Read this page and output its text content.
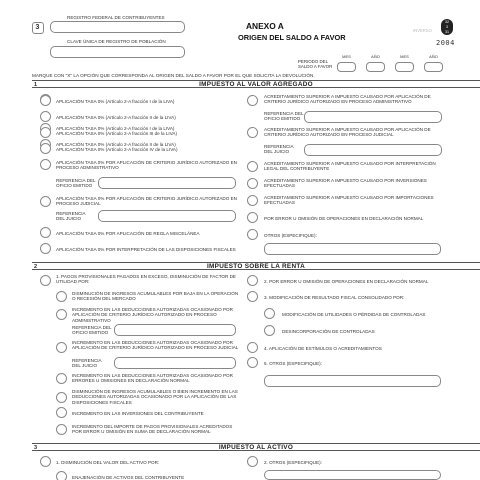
3
REGISTRO FEDERAL DE CONTRIBUYENTES
CLAVE ÚNICA DE REGISTRO DE POBLACIÓN
ANEXO A
ORIGEN DEL SALDO A FAVOR
INVERSO
32
3
31
2004
PERIODO DEL
SALDO A FAVOR
MES	AÑO	MES	AÑO
MARQUE CON "X" LA OPCIÓN QUE CORRESPONDA AL ORIGEN DEL SALDO A FAVOR POR EL QUE SOLICITA LA DEVOLUCIÓN.
1	IMPUESTO AL VALOR AGREGADO
APLICACIÓN TASA 0% (Artículo 2-A fracción I de la LIVA)
APLICACIÓN TASA 0% (Artículo 2-A fracción II de la LIVA)
APLICACIÓN TASA 0% (Artículo 2-A fracción I de la LIVA)
APLICACIÓN TASA 0% (Artículo 2-A fracción II de la LIVA)
APLICACIÓN TASA 0% (Artículo 2-A fracción III de la LIVA)
APLICACIÓN TASA 0% (Artículo 2-A fracción IV de la LIVA)
APLICACIÓN TASA 0% POR APLICACIÓN DE CRITERIO JURÍDICO AUTORIZADO EN PROCESO ADMINISTRATIVO
REFERENCIA DEL
OFICIO EMITIDO
APLICACIÓN TASA 0% POR APLICACIÓN DE CRITERIO JURÍDICO AUTORIZADO EN PROCESO JUDICIAL
REFERENCIA
DEL JUICIO
APLICACIÓN TASA 0% POR APLICACIÓN DE REGLA MISCELÁNEA
APLICACIÓN TASA 0% POR INTERPRETACIÓN DE LAS DISPOSICIONES FISCALES
ACREDITAMIENTO SUPERIOR A IMPUESTO CAUSADO POR APLICACIÓN DE CRITERIO JURÍDICO AUTORIZADO EN PROCESO ADMINISTRATIVO
REFERENCIA DEL
OFICIO EMITIDO
ACREDITAMIENTO SUPERIOR A IMPUESTO CAUSADO POR APLICACIÓN DE CRITERIO JURÍDICO AUTORIZADO EN PROCESO JUDICIAL
REFERENCIA
DEL JUICIO
ACREDITAMIENTO SUPERIOR A IMPUESTO CAUSADO POR INTERPRETACIÓN LEGAL DEL CONTRIBUYENTE
ACREDITAMIENTO SUPERIOR A IMPUESTO CAUSADO POR INVERSIONES EFECTUADAS
ACREDITAMIENTO SUPERIOR A IMPUESTO CAUSADO POR IMPORTACIONES EFECTUADAS
POR ERROR U OMISIÓN DE OPERACIONES EN DECLARACIÓN NORMAL
OTROS (ESPECIFIQUE):
2	IMPUESTO SOBRE LA RENTA
1. PAGOS PROVISIONALES PAGADOS EN EXCESO, DISMINUCIÓN DE FACTOR DE UTILIDAD POR:
DISMINUCIÓN DE INGRESOS ACUMULABLES POR BAJA EN LA OPERACIÓN O RECESIÓN DEL MERCADO
INCREMENTO EN LAS DEDUCCIONES AUTORIZADAS OCASIONADO POR APLICACIÓN DE CRITERIO JURÍDICO AUTORIZADO EN PROCESO ADMINISTRATIVO
REFERENCIA DEL
OFICIO EMITIDO
INCREMENTO EN LAS DEDUCCIONES AUTORIZADAS OCASIONADO POR APLICACIÓN DE CRITERIO JURÍDICO AUTORIZADO EN PROCESO JUDICIAL
REFERENCIA
DEL JUICIO
INCREMENTO EN LAS DEDUCCIONES AUTORIZADAS OCASIONADO POR ERRORES U OMISIONES EN DECLARACIÓN NORMAL
DISMINUCIÓN DE INGRESOS ACUMULABLES O BIEN INCREMENTO EN LAS DEDUCCIONES AUTORIZADAS OCASIONADO POR LA APLICACIÓN DE LAS DISPOSICIONES FISCALES
INCREMENTO EN LAS INVERSIONES DEL CONTRIBUYENTE
INCREMENTO DEL IMPORTE DE PAGOS PROVISIONALES ACREDITADOS POR ERROR U OMISIÓN EN SUMA DE DECLARACIÓN NORMAL
2. POR ERROR U OMISIÓN DE OPERACIONES EN DECLARACIÓN NORMAL
3. MODIFICACIÓN DE RESULTADO FISCAL CONSOLIDADO POR:
MODIFICACIÓN DE UTILIDADES O PÉRDIDAS DE CONTROLADAS
DESINCORPORACIÓN DE CONTROLADAS
4. APLICACIÓN DE ESTÍMULOS O ACREDITAMIENTOS
5. OTROS (ESPECIFIQUE):
3	IMPUESTO AL ACTIVO
1. DISMINUCIÓN DEL VALOR DEL ACTIVO POR:
ENAJENACIÓN DE ACTIVOS DEL CONTRIBUYENTE
2. OTROS (ESPECIFIQUE):
